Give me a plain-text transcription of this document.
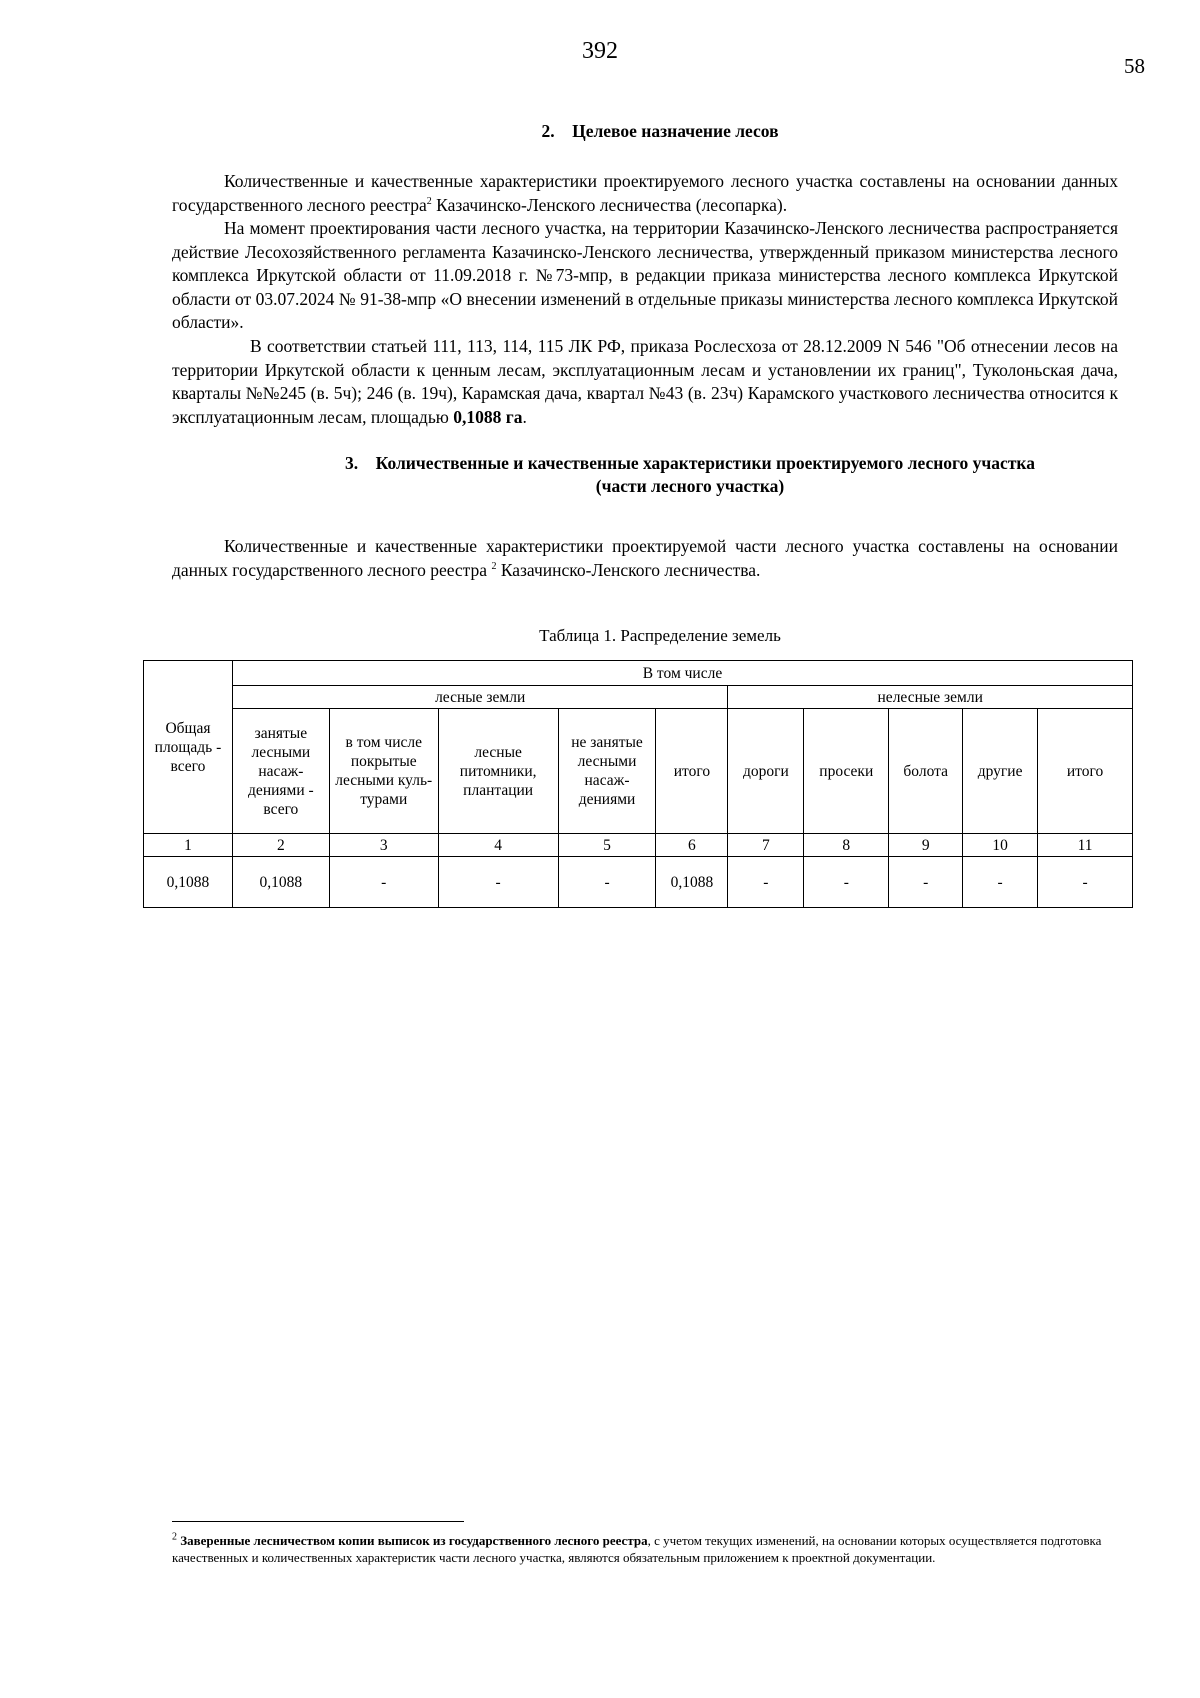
392
58
2. Целевое назначение лесов
Количественные и качественные характеристики проектируемого лесного участка составлены на основании данных государственного лесного реестра$^2$ Казачинско-Ленского лесничества (лесопарка).
На момент проектирования части лесного участка, на территории Казачинско-Ленского лесничества распространяется действие Лесохозяйственного регламента Казачинско-Ленского лесничества, утвержденный приказом министерства лесного комплекса Иркутской области от 11.09.2018 г. №73-мпр, в редакции приказа министерства лесного комплекса Иркутской области от 03.07.2024 № 91-38-мпр «О внесении изменений в отдельные приказы министерства лесного комплекса Иркутской области».
В соответствии статьей 111, 113, 114, 115 ЛК РФ, приказа Рослесхоза от 28.12.2009 N 546 "Об отнесении лесов на территории Иркутской области к ценным лесам, эксплуатационным лесам и установлении их границ", Туколоньская дача, кварталы №№245 (в. 5ч); 246 (в. 19ч), Карамская дача, квартал №43 (в. 23ч) Карамского участкового лесничества относится к эксплуатационным лесам, площадью 0,1088 га.
3. Количественные и качественные характеристики проектируемого лесного участка
(части лесного участка)
Количественные и качественные характеристики проектируемой части лесного участка составлены на основании данных государственного лесного реестра $^2$ Казачинско-Ленского лесничества.
Таблица 1. Распределение земель
Общая площадь - всего	В том числе									
	лесные земли					нелесные земли				
	занятые лесными насаж-дениями - всего	в том числе покрытые лесными куль-турами	лесные питомники, плантации	не занятые лесными насаж-дениями	итого	дороги	просеки	болота	другие	итого
1	2	3	4	5	6	7	8	9	10	11
0,1088	0,1088	-	-	-	0,1088	-	-	-	-	-
$^2$ Заверенные лесничеством копии выписок из государственного лесного реестра, с учетом текущих изменений, на основании которых осуществляется подготовка качественных и количественных характеристик части лесного участка, являются обязательным приложением к проектной документации.
